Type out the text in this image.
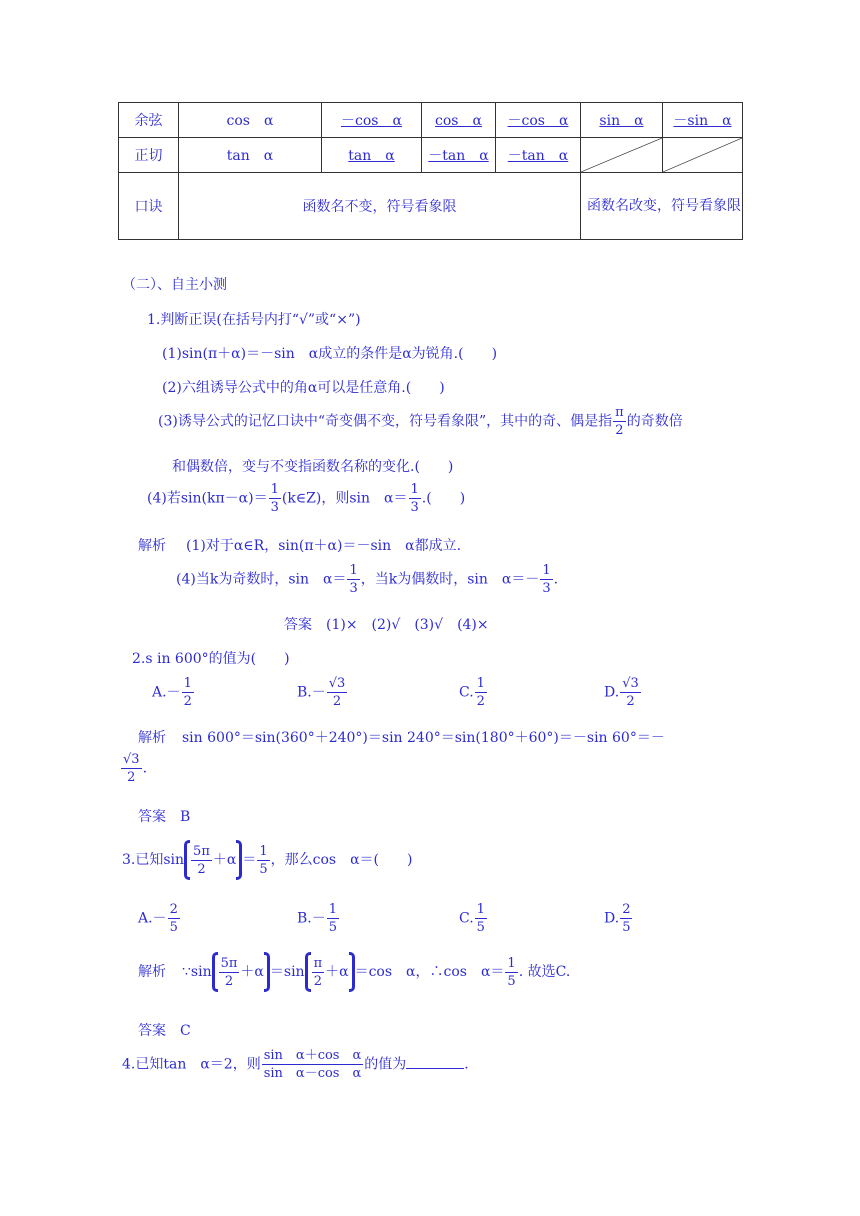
余弦	cos　α	－cos　α	cos　α	－cos　α	sin　α	－sin　α
正切	tan　α	tan　α	－tan　α	－tan　α	

口诀	函数名不变，符号看象限				函数名改变，符号看象限	
（二）、自主小测
1.判断正误(在括号内打“√”或“×”)
(1)sin(π＋α)＝－sin　α成立的条件是α为锐角.(　　)
(2)六组诱导公式中的角α可以是任意角.(　　)
(3)诱导公式的记忆口诀中“奇变偶不变，符号看象限”，其中的奇、偶是指 $\frac{\pi}{2}$ 的奇数倍
和偶数倍，变与不变指函数名称的变化.(　　)
(4)若$\sin(k\pi-\alpha)= \frac{1}{3}$ (k∈Z)，则sin　$\alpha= \frac{1}{3}$ .(　　)
解析 (1)对于α∈R，sin(π＋α)＝－sin　α都成立.
(4)当k为奇数时，sin　$\alpha= \frac{1}{3}$ ，当k为偶数时，sin　$\alpha=- \frac{1}{3}$ .
答案　(1)×　(2)√　(3)√　(4)×
2.s in 600°的值为(　　)
$A.- \frac{1}{2}$	$B.- \frac{√3}{2}$	C. $\frac{1}{2}$	D. $\frac{√3}{2}$
解析 sin 600°＝sin(360°＋240°)＝sin 240°＝sin(180°＋60°)＝－sin 60°＝－
$\frac{√3}{2}$ .
答案　B
3.已知$\sin \frac{5\pi}{2} +\alpha = \frac{1}{5}$ ，那么cos　α＝(　　)
$A.- \frac{2}{5}$	$B.- \frac{1}{5}$	C. $\frac{1}{5}$	D. $\frac{2}{5}$
解析 ∵sin $\frac{5\pi}{2} +\alpha =\sin \frac{\pi}{2} +\alpha =\cos$　α，∴cos　$\alpha= \frac{1}{5}$ . 故选C.
答案　C
4.已知tan　α＝2，则 $\frac{\text{sin　α＋cos　α}}{\text{sin　α－cos　α}}$ 的值为	.
